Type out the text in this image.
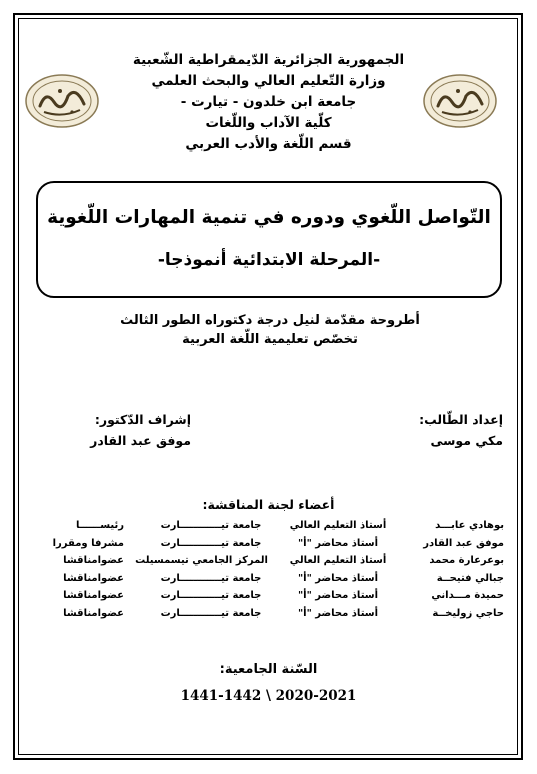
الجمهورية الجزائرية الدّيمقراطية الشّعبية
وزارة التّعليم العالي والبحث العلمي
جامعة ابن خلدون - تيارت -
كلّية الآداب واللّغات
قسم اللّغة والأدب العربي
التّواصل اللّغوي ودوره في تنمية المهارات اللّغوية
-المرحلة الابتدائية أنموذجا-
أطروحة مقدّمة لنيل درجة دكتوراه الطور الثالث
تخصّص تعليمية اللّغة العربية
إعداد الطّالب:
مكي موسى
إشراف الدّكتور:
موفق عبد القادر
أعضاء لجنة المناقشة:
بوهادي عابـــد
أستاذ التعليم العالي
جامعة تيــــــــــــارت
رئيســــــا
موفق عبد القادر
أستاذ محاضر "أ"
جامعة تيــــــــــــارت
مشرفا ومقررا
بوعرعارة محمد
أستاذ التعليم العالي
المركز الجامعي تيسمسيلت
عضوامناقشا
جبالي فتيحــة
أستاذ محاضر "أ"
جامعة تيــــــــــــارت
عضوامناقشا
حميدة مـــداني
أستاذ محاضر "أ"
جامعة تيــــــــــــارت
عضوامناقشا
حاجي زوليخــة
أستاذ محاضر "أ"
جامعة تيــــــــــــارت
عضوامناقشا
السّنة الجامعية:
1441-1442 \ 2020-2021
